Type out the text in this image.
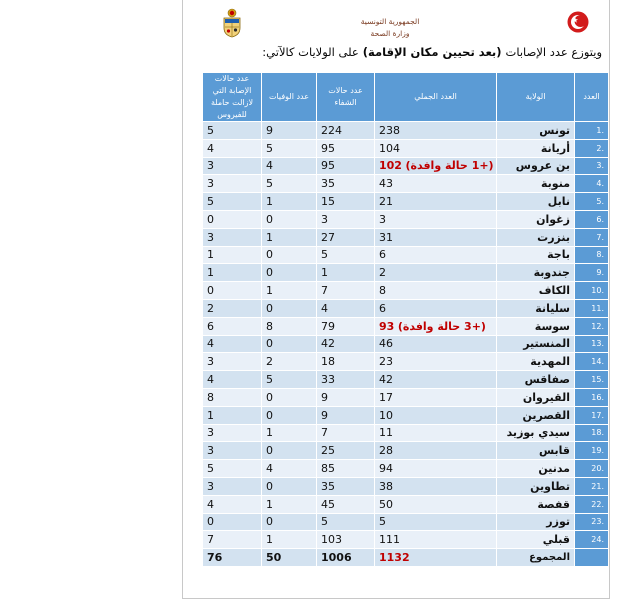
الجمهورية التونسية
وزارة الصحة
ويتوزع عدد الإصابات (بعد تحيين مكان الإقامة) على الولايات كالآتي:
العدد	الولاية	العدد الجملي	عدد حالات الشفاء	عدد الوفيات	عدد حالات الإصابة التي لازالت حاملة للفيروس
1.	تونس	238	224	9	5
2.	أريانة	104	95	5	4
3.	بن عروس	102 (+1 حالة وافدة)	95	4	3
4.	منوبة	43	35	5	3
5.	نابل	21	15	1	5
6.	زغوان	3	3	0	0
7.	بنزرت	31	27	1	3
8.	باجة	6	5	0	1
9.	جندوبة	2	1	0	1
10.	الكاف	8	7	1	0
11.	سليانة	6	4	0	2
12.	سوسة	93 (+3 حالة وافدة)	79	8	6
13.	المنستير	46	42	0	4
14.	المهدية	23	18	2	3
15.	صفاقس	42	33	5	4
16.	القيروان	17	9	0	8
17.	القصرين	10	9	0	1
18.	سيدي بوزيد	11	7	1	3
19.	قابس	28	25	0	3
20.	مدنين	94	85	4	5
21.	تطاوين	38	35	0	3
22.	قفصة	50	45	1	4
23.	توزر	5	5	0	0
24.	قبلي	111	103	1	7
	المجموع	1132	1006	50	76
